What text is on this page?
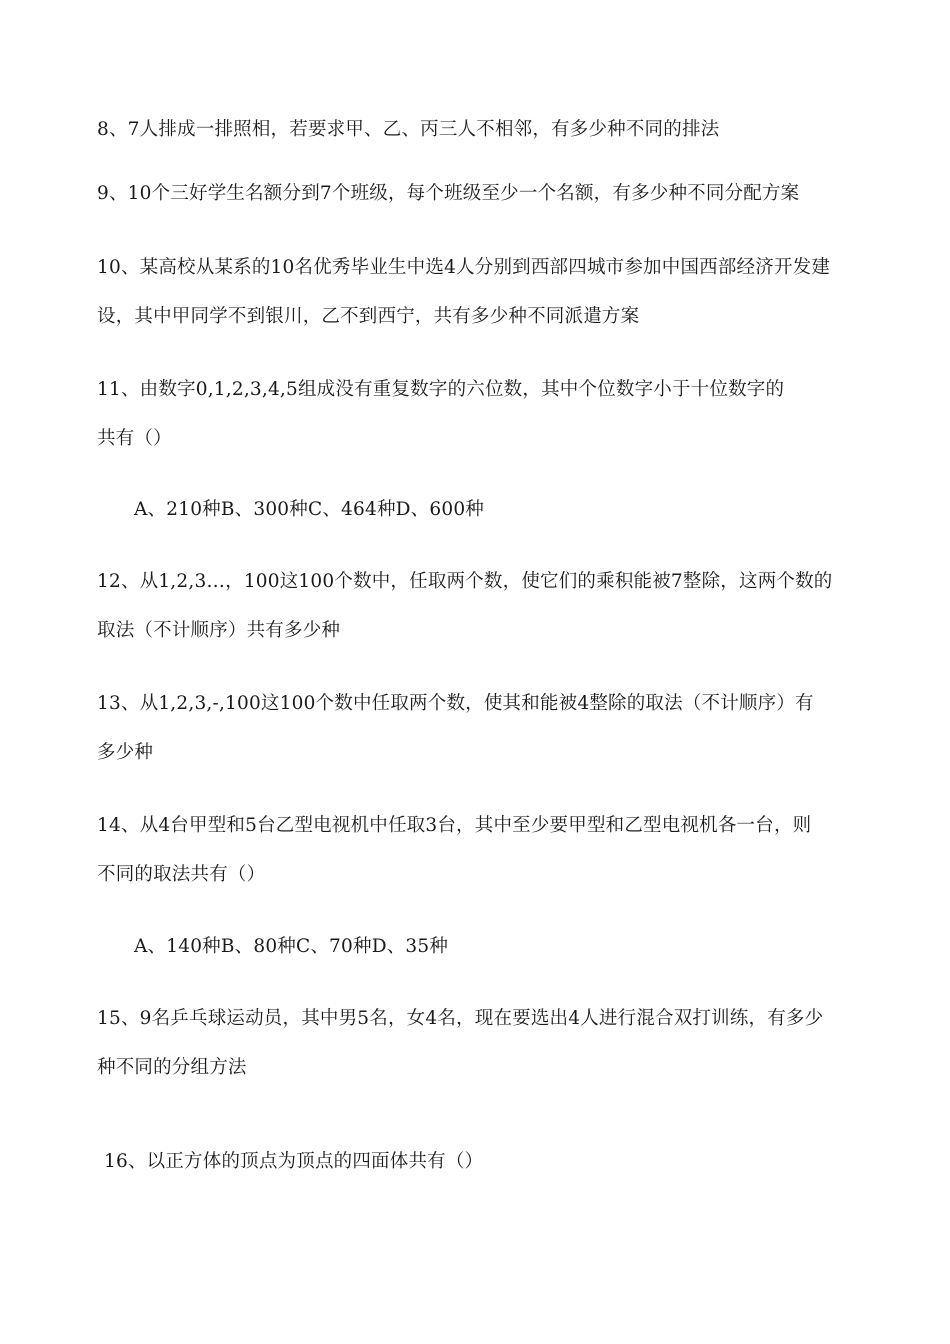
8、7人排成一排照相，若要求甲、乙、丙三人不相邻，有多少种不同的排法
9、10个三好学生名额分到7个班级，每个班级至少一个名额，有多少种不同分配方案
10、某高校从某系的10名优秀毕业生中选4人分别到西部四城市参加中国西部经济开发建
设，其中甲同学不到银川，乙不到西宁，共有多少种不同派遣方案
11、由数字0,1,2,3,4,5组成没有重复数字的六位数，其中个位数字小于十位数字的
共有（）
A、210种B、300种C、464种D、600种
12、从1,2,3…，100这100个数中，任取两个数，使它们的乘积能被7整除，这两个数的
取法（不计顺序）共有多少种
13、从1,2,3,-,100这100个数中任取两个数，使其和能被4整除的取法（不计顺序）有
多少种
14、从4台甲型和5台乙型电视机中任取3台，其中至少要甲型和乙型电视机各一台，则
不同的取法共有（）
A、140种B、80种C、70种D、35种
15、9名乒乓球运动员，其中男5名，女4名，现在要选出4人进行混合双打训练，有多少
种不同的分组方法
16、以正方体的顶点为顶点的四面体共有（）
